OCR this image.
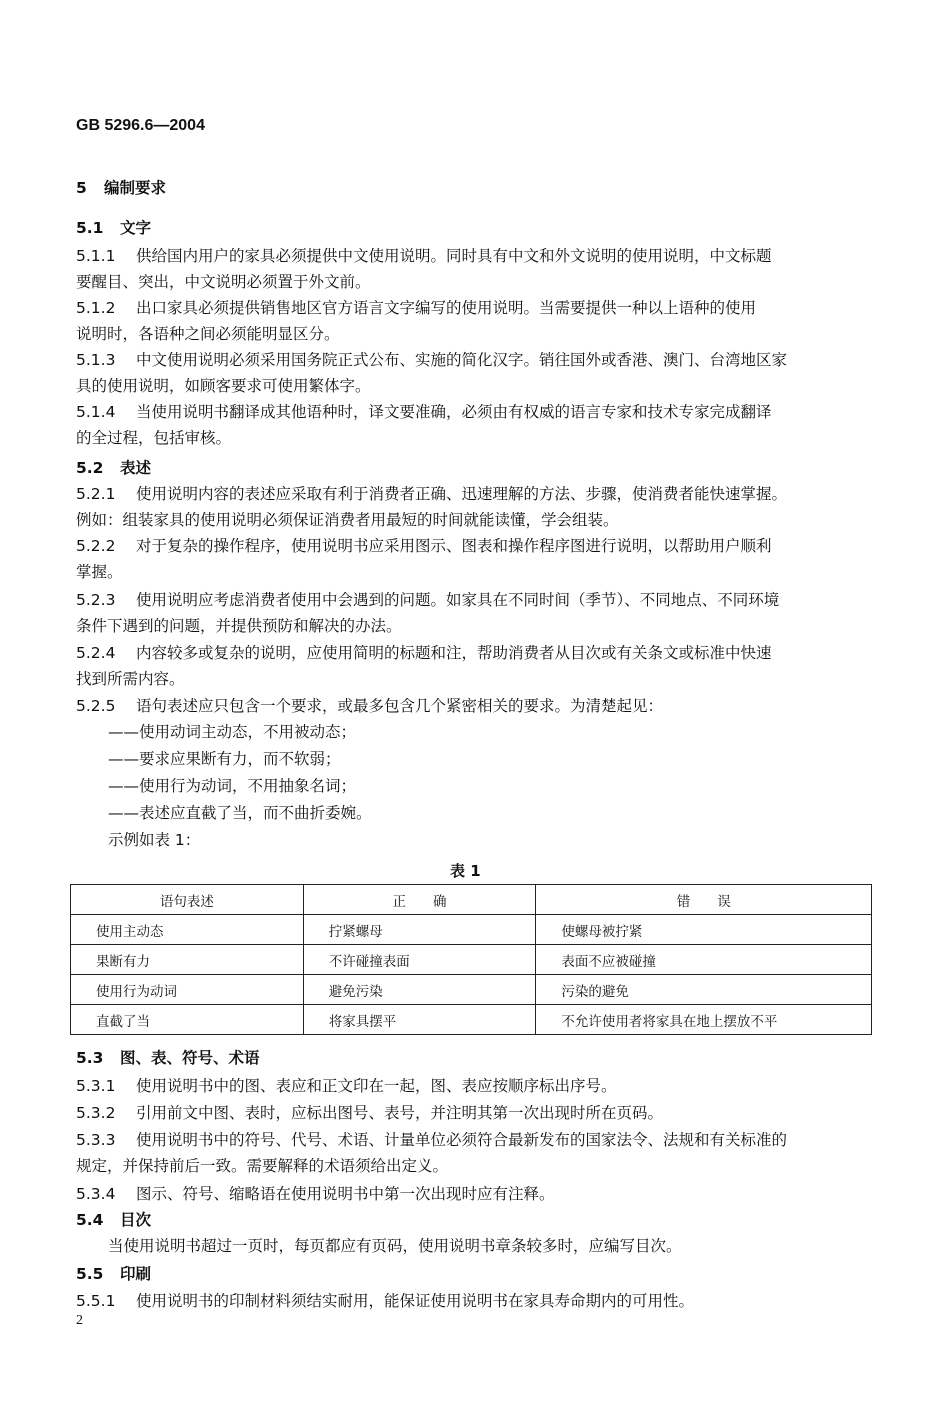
GB 5296.6—2004
5 编制要求
5.1 文字
5.1.1 供给国内用户的家具必须提供中文使用说明。同时具有中文和外文说明的使用说明，中文标题
要醒目、突出，中文说明必须置于外文前。
5.1.2 出口家具必须提供销售地区官方语言文字编写的使用说明。当需要提供一种以上语种的使用
说明时，各语种之间必须能明显区分。
5.1.3 中文使用说明必须采用国务院正式公布、实施的简化汉字。销往国外或香港、澳门、台湾地区家
具的使用说明，如顾客要求可使用繁体字。
5.1.4 当使用说明书翻译成其他语种时，译文要准确，必须由有权威的语言专家和技术专家完成翻译
的全过程，包括审核。
5.2 表述
5.2.1 使用说明内容的表述应采取有利于消费者正确、迅速理解的方法、步骤，使消费者能快速掌握。
例如：组装家具的使用说明必须保证消费者用最短的时间就能读懂，学会组装。
5.2.2 对于复杂的操作程序，使用说明书应采用图示、图表和操作程序图进行说明，以帮助用户顺利
掌握。
5.2.3 使用说明应考虑消费者使用中会遇到的问题。如家具在不同时间（季节）、不同地点、不同环境
条件下遇到的问题，并提供预防和解决的办法。
5.2.4 内容较多或复杂的说明，应使用简明的标题和注，帮助消费者从目次或有关条文或标准中快速
找到所需内容。
5.2.5 语句表述应只包含一个要求，或最多包含几个紧密相关的要求。为清楚起见：
——使用动词主动态，不用被动态；
——要求应果断有力，而不软弱；
——使用行为动词，不用抽象名词；
——表述应直截了当，而不曲折委婉。
示例如表 1：
表 1
语句表述	正　　确	错　　误
使用主动态	拧紧螺母	使螺母被拧紧
果断有力	不许碰撞表面	表面不应被碰撞
使用行为动词	避免污染	污染的避免
直截了当	将家具摆平	不允许使用者将家具在地上摆放不平
5.3 图、表、符号、术语
5.3.1 使用说明书中的图、表应和正文印在一起，图、表应按顺序标出序号。
5.3.2 引用前文中图、表时，应标出图号、表号，并注明其第一次出现时所在页码。
5.3.3 使用说明书中的符号、代号、术语、计量单位必须符合最新发布的国家法令、法规和有关标准的
规定，并保持前后一致。需要解释的术语须给出定义。
5.3.4 图示、符号、缩略语在使用说明书中第一次出现时应有注释。
5.4 目次
当使用说明书超过一页时，每页都应有页码，使用说明书章条较多时，应编写目次。
5.5 印刷
5.5.1 使用说明书的印制材料须结实耐用，能保证使用说明书在家具寿命期内的可用性。
2
